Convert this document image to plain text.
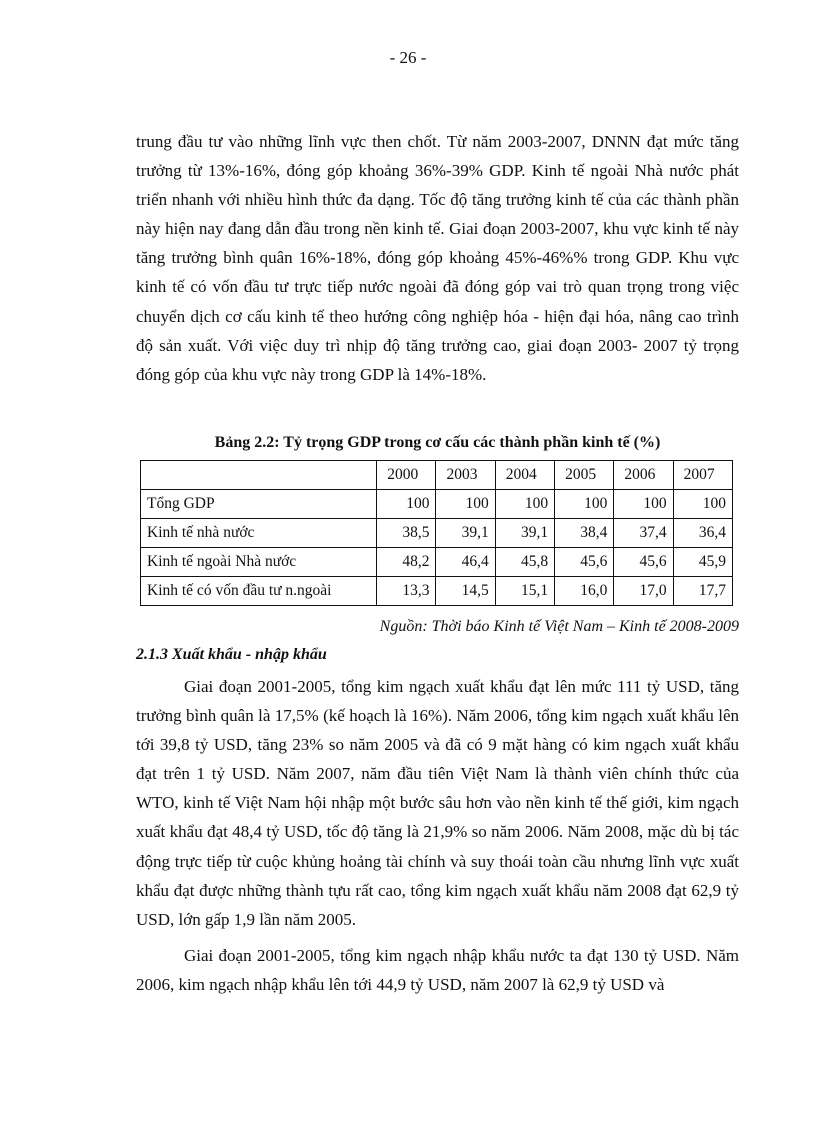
- 26 -

trung đầu tư vào những lĩnh vực then chốt. Từ năm 2003-2007, DNNN đạt mức tăng trưởng từ 13%-16%, đóng góp khoảng 36%-39% GDP. Kinh tế ngoài Nhà nước phát triển nhanh với nhiều hình thức đa dạng. Tốc độ tăng trưởng kinh tế của các thành phần này hiện nay đang dẫn đầu trong nền kinh tế. Giai đoạn 2003-2007, khu vực kinh tế này tăng trưởng bình quân 16%-18%, đóng góp khoảng 45%-46%% trong GDP. Khu vực kinh tế có vốn đầu tư trực tiếp nước ngoài đã đóng góp vai trò quan trọng trong việc chuyển dịch cơ cấu kinh tế theo hướng công nghiệp hóa - hiện đại hóa, nâng cao trình độ sản xuất. Với việc duy trì nhịp độ tăng trưởng cao, giai đoạn 2003- 2007 tỷ trọng đóng góp của khu vực này trong GDP là 14%-18%.

Bảng 2.2: Tỷ trọng GDP trong cơ cấu các thành phần kinh tế (%)
	2000	2003	2004	2005	2006	2007
Tổng GDP	100	100	100	100	100	100
Kinh tế nhà nước	38,5	39,1	39,1	38,4	37,4	36,4
Kinh tế ngoài Nhà nước	48,2	46,4	45,8	45,6	45,6	45,9
Kinh tế có vốn đầu tư n.ngoài	13,3	14,5	15,1	16,0	17,0	17,7
Nguồn: Thời báo Kinh tế Việt Nam – Kinh tế 2008-2009
2.1.3 Xuất khẩu - nhập khẩu

Giai đoạn 2001-2005, tổng kim ngạch xuất khẩu đạt lên mức 111 tỷ USD, tăng trưởng bình quân là 17,5% (kế hoạch là 16%). Năm 2006, tổng kim ngạch xuất khẩu lên tới 39,8 tỷ USD, tăng 23% so năm 2005 và đã có 9 mặt hàng có kim ngạch xuất khẩu đạt trên 1 tỷ USD. Năm 2007, năm đầu tiên Việt Nam là thành viên chính thức của WTO, kinh tế Việt Nam hội nhập một bước sâu hơn vào nền kinh tế thế giới, kim ngạch xuất khẩu đạt 48,4 tỷ USD, tốc độ tăng là 21,9% so năm 2006. Năm 2008, mặc dù bị tác động trực tiếp từ cuộc khủng hoảng tài chính và suy thoái toàn cầu nhưng lĩnh vực xuất khẩu đạt được những thành tựu rất cao, tổng kim ngạch xuất khẩu năm 2008 đạt 62,9 tỷ USD, lớn gấp 1,9 lần năm 2005.

Giai đoạn 2001-2005, tổng kim ngạch nhập khẩu nước ta đạt 130 tỷ USD. Năm 2006, kim ngạch nhập khẩu lên tới 44,9 tỷ USD, năm 2007 là 62,9 tỷ USD và
